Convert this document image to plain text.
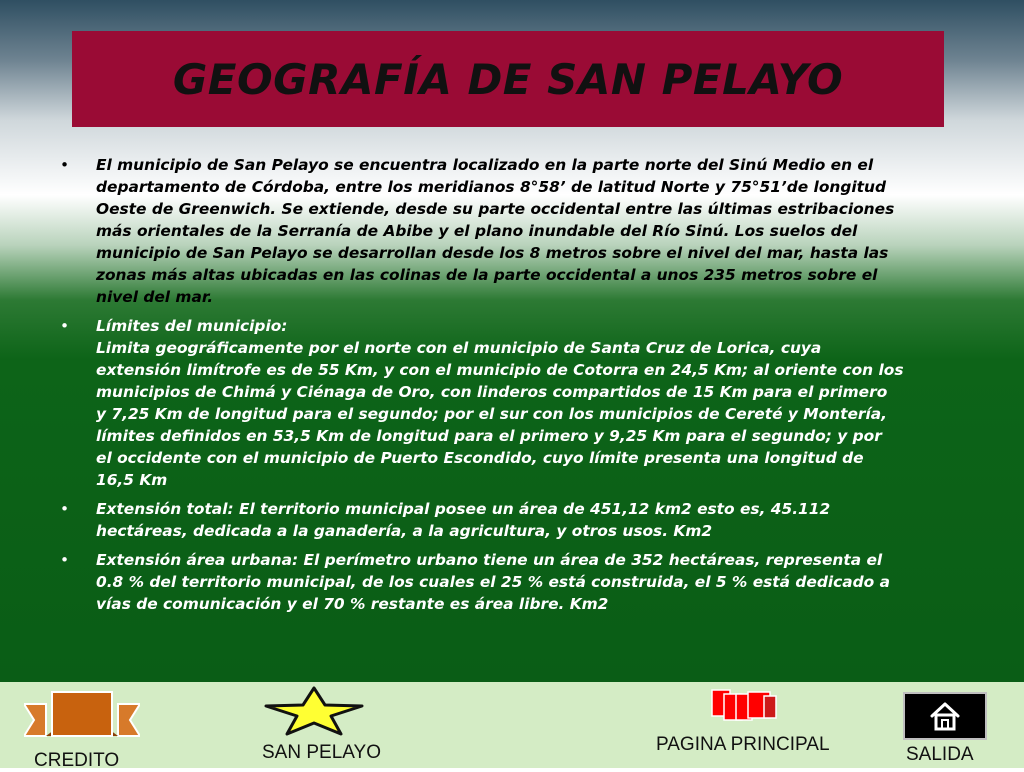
GEOGRAFÍA DE SAN PELAYO
• El municipio de San Pelayo se encuentra localizado en la parte norte del Sinú Medio en el
departamento de Córdoba, entre los meridianos 8°58’ de latitud Norte y 75°51’de longitud
Oeste de Greenwich. Se extiende, desde su parte occidental entre las últimas estribaciones
más orientales de la Serranía de Abibe y el plano inundable del Río Sinú. Los suelos del
municipio de San Pelayo se desarrollan desde los 8 metros sobre el nivel del mar, hasta las
zonas más altas ubicadas en las colinas de la parte occidental a unos 235 metros sobre el
nivel del mar.
• Límites del municipio:
Limita geográficamente por el norte con el municipio de Santa Cruz de Lorica, cuya
extensión limítrofe es de 55 Km, y con el municipio de Cotorra en 24,5 Km; al oriente con los
municipios de Chimá y Ciénaga de Oro, con linderos compartidos de 15 Km para el primero
y 7,25 Km de longitud para el segundo; por el sur con los municipios de Cereté y Montería,
límites definidos en 53,5 Km de longitud para el primero y 9,25 Km para el segundo; y por
el occidente con el municipio de Puerto Escondido, cuyo límite presenta una longitud de
16,5 Km
• Extensión total: El territorio municipal posee un área de 451,12 km2 esto es, 45.112
hectáreas, dedicada a la ganadería, a la agricultura, y otros usos. Km2
• Extensión área urbana: El perímetro urbano tiene un área de 352 hectáreas, representa el
0.8 % del territorio municipal, de los cuales el 25 % está construida, el 5 % está dedicado a
vías de comunicación y el 70 % restante es área libre. Km2
CREDITO	SAN PELAYO	PAGINA PRINCIPAL	SALIDA
